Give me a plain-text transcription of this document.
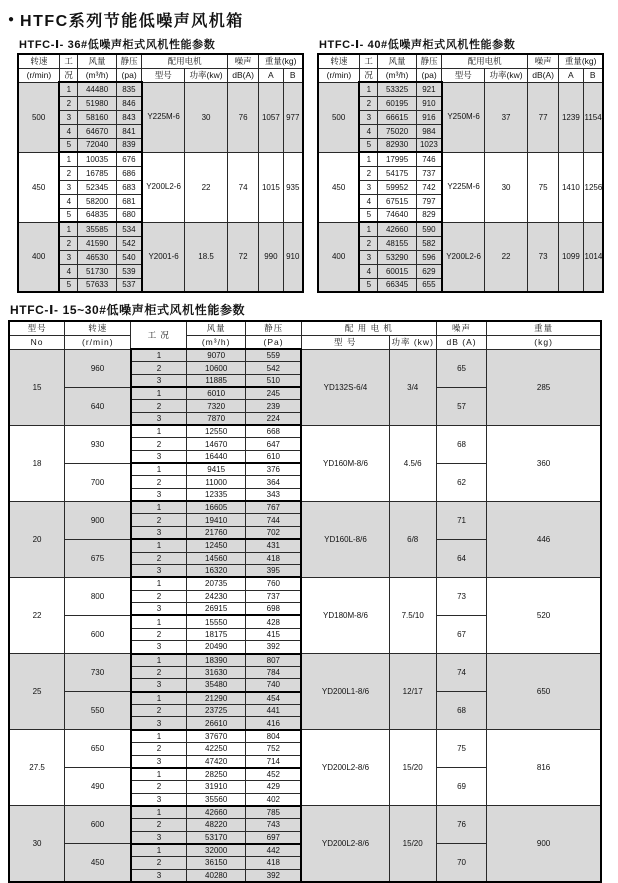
● HTFC系列节能低噪声风机箱
HTFC-Ⅰ- 36#低噪声柜式风机性能参数
转速	工	风量	静压	配用电机		噪声	重量(kg)	
(r/min)	况	(m³/h)	(pa)	型号	功率(kw)	dB(A)	A	B
500	1	44480	835	Y225M-6	30	76	1057	977
	2	51980	846					
	3	58160	843					
	4	64670	841					
	5	72040	839					
450	1	10035	676	Y200L2-6	22	74	1015	935
	2	16785	686					
	3	52345	683					
	4	58200	681					
	5	64835	680					
400	1	35585	534	Y2001-6	18.5	72	990	910
	2	41590	542					
	3	46530	540					
	4	51730	539					
	5	57633	537					
HTFC-Ⅰ- 40#低噪声柜式风机性能参数
转速	工	风量	静压	配用电机		噪声	重量(kg)	
(r/min)	况	(m³/h)	(pa)	型号	功率(kw)	dB(A)	A	B
500	1	53325	921	Y250M-6	37	77	1239	1154
	2	60195	910					
	3	66615	916					
	4	75020	984					
	5	82930	1023					
450	1	17995	746	Y225M-6	30	75	1410	1256
	2	54175	737					
	3	59952	742					
	4	67515	797					
	5	74640	829					
400	1	42660	590	Y200L2-6	22	73	1099	1014
	2	48155	582					
	3	53290	596					
	4	60015	629					
	5	66345	655					
HTFC-Ⅰ- 15~30#低噪声柜式风机性能参数
型号	转速	工 况	风量	静压	配 用 电 机		噪声	重量
No	(r/min)		(m³/h)	(Pa)	型 号	功率 (kw)	dB (A)	(kg)
15	960	1	9070	559	YD132S-6/4	3/4	65	285
		2	10600	542				
		3	11885	510				
	640	1	6010	245			57	
		2	7320	239				
		3	7870	224				
18	930	1	12550	668	YD160M-8/6	4.5/6	68	360
		2	14670	647				
		3	16440	610				
	700	1	9415	376			62	
		2	11000	364				
		3	12335	343				
20	900	1	16605	767	YD160L-8/6	6/8	71	446
		2	19410	744				
		3	21760	702				
	675	1	12450	431			64	
		2	14560	418				
		3	16320	395				
22	800	1	20735	760	YD180M-8/6	7.5/10	73	520
		2	24230	737				
		3	26915	698				
	600	1	15550	428			67	
		2	18175	415				
		3	20490	392				
25	730	1	18390	807	YD200L1-8/6	12/17	74	650
		2	31630	784				
		3	35480	740				
	550	1	21290	454			68	
		2	23725	441				
		3	26610	416				
27.5	650	1	37670	804	YD200L2-8/6	15/20	75	816
		2	42250	752				
		3	47420	714				
	490	1	28250	452			69	
		2	31910	429				
		3	35560	402				
30	600	1	42660	785	YD200L2-8/6	15/20	76	900
		2	48220	743				
		3	53170	697				
	450	1	32000	442			70	
		2	36150	418				
		3	40280	392				
